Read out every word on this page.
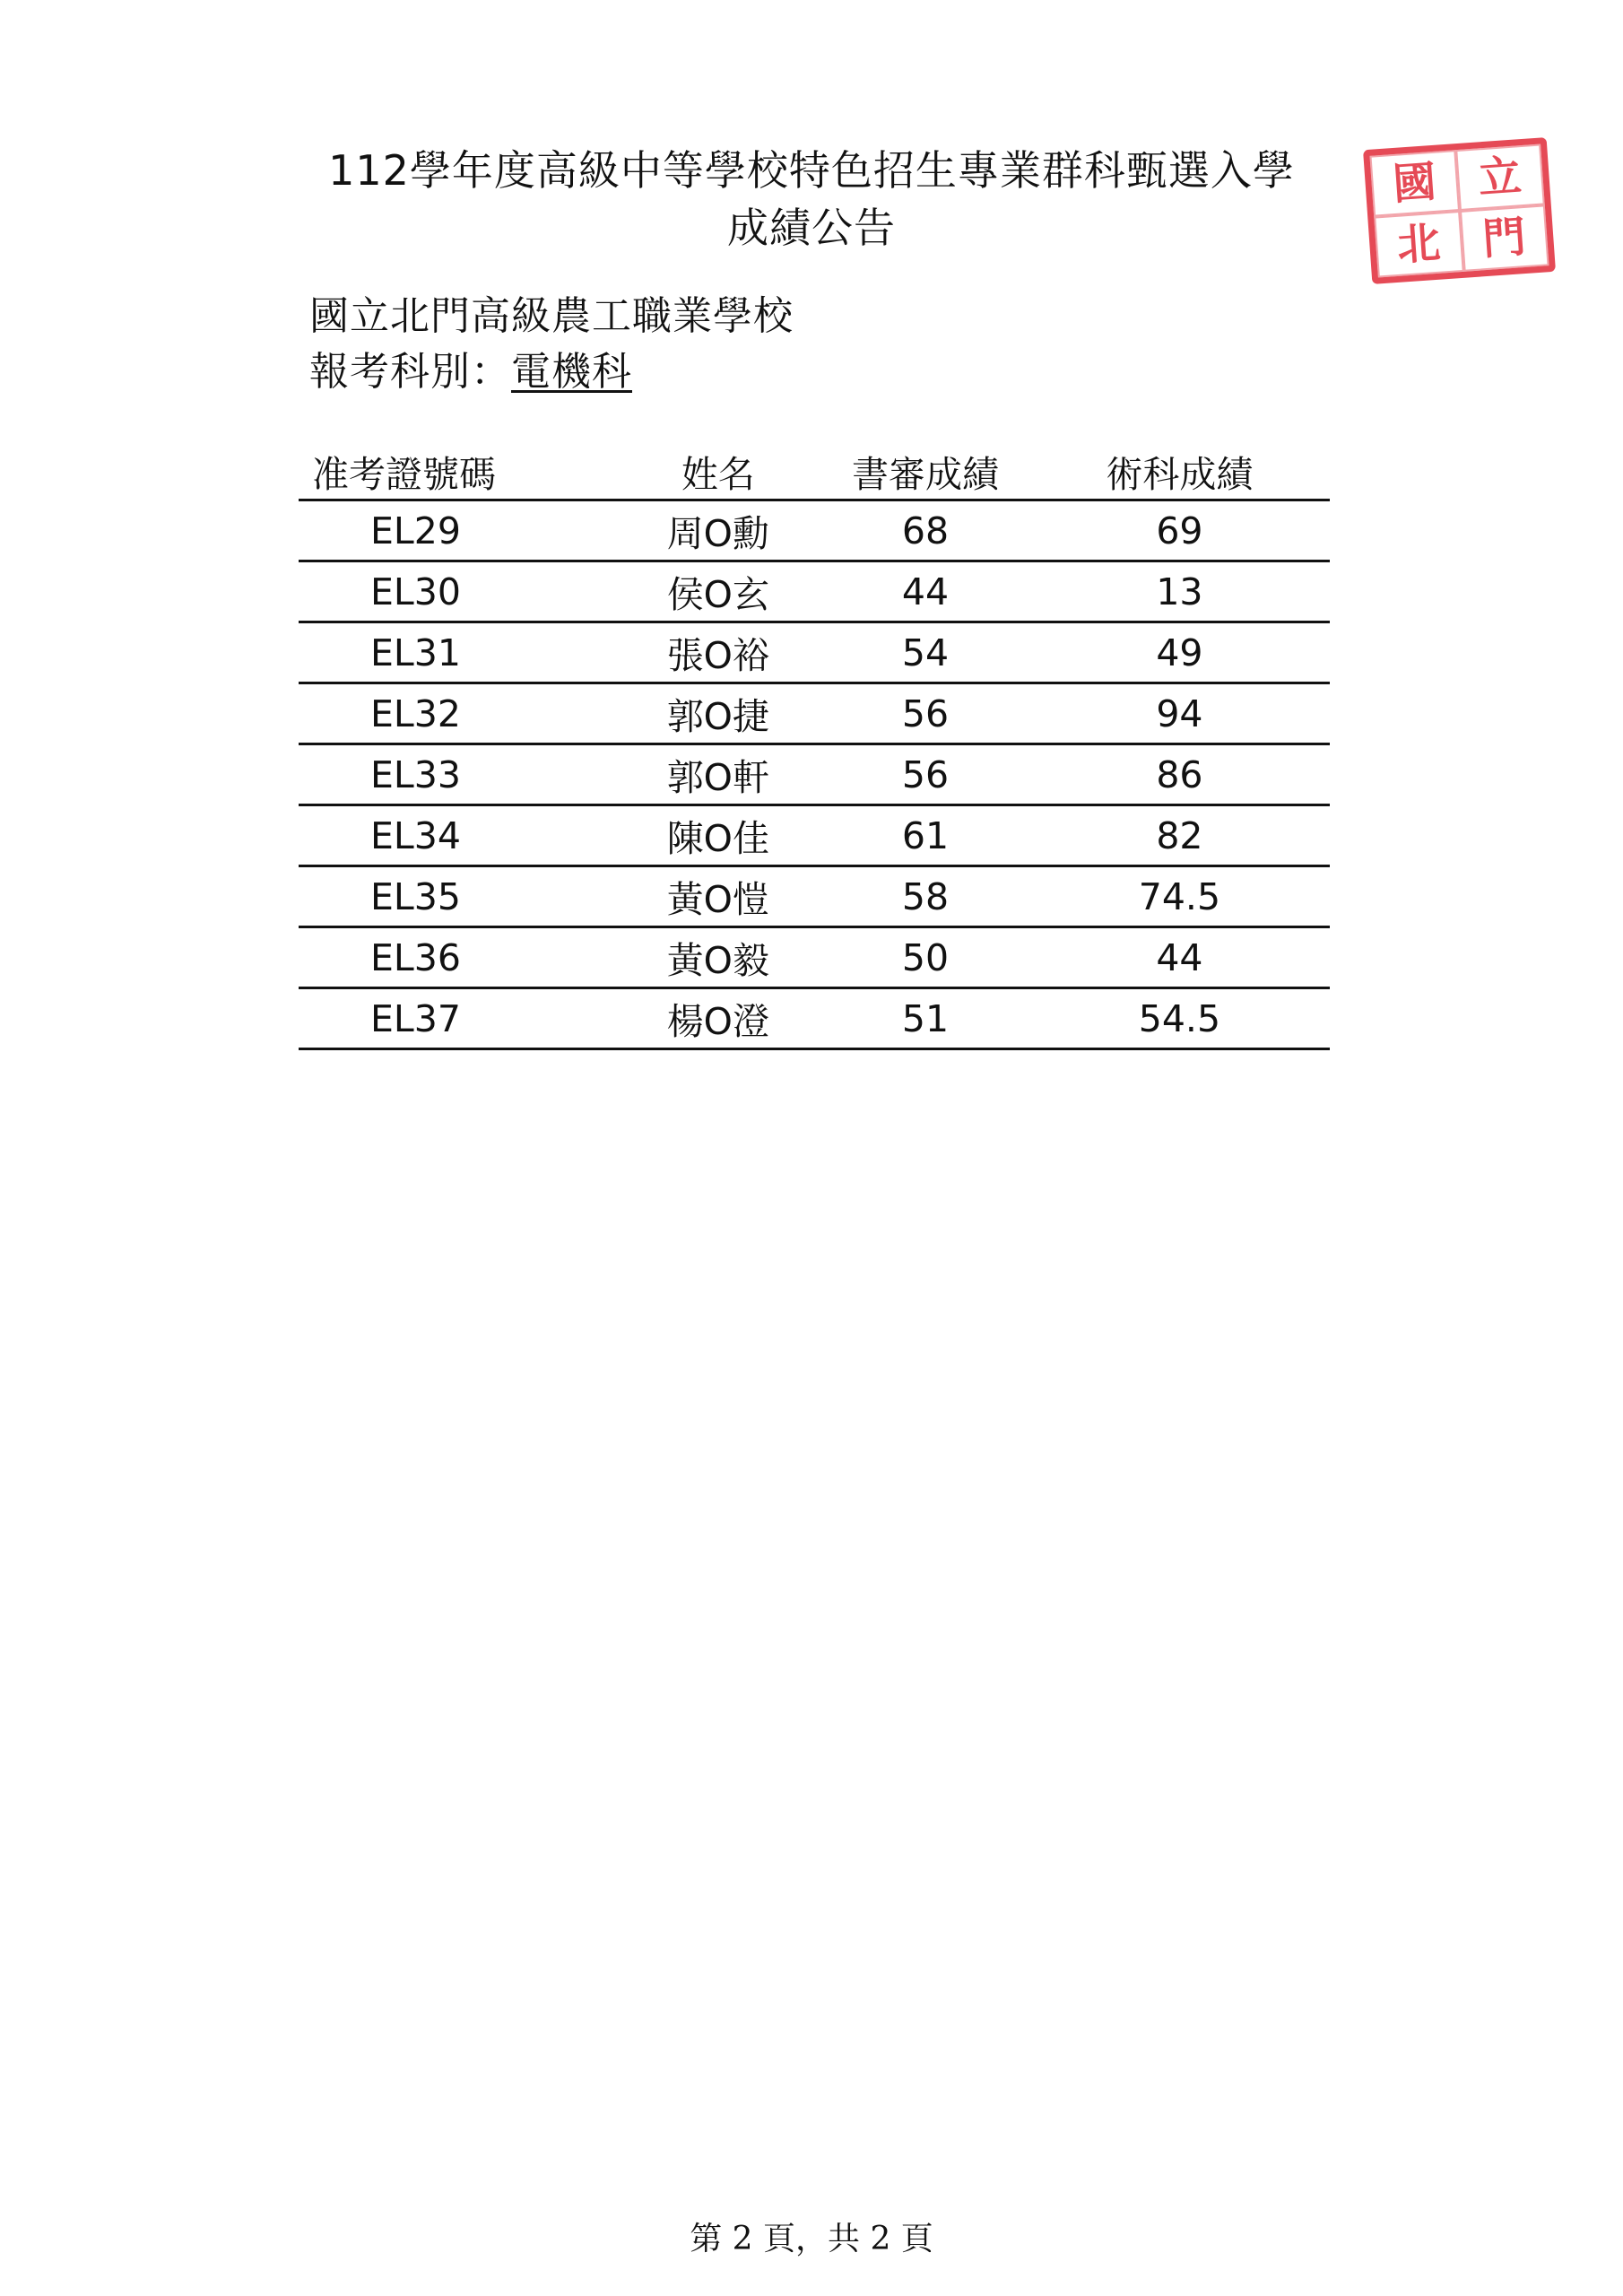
112學年度高級中等學校特色招生專業群科甄選入學
成績公告
國 立
北 門
國立北門高級農工職業學校
報考科別：電機科
准考證號碼	姓名	書審成績	術科成績
EL29	周O勳	68	69
EL30	侯O玄	44	13
EL31	張O裕	54	49
EL32	郭O捷	56	94
EL33	郭O軒	56	86
EL34	陳O佳	61	82
EL35	黃O愷	58	74.5
EL36	黃O毅	50	44
EL37	楊O澄	51	54.5
第 2 頁，共 2 頁
